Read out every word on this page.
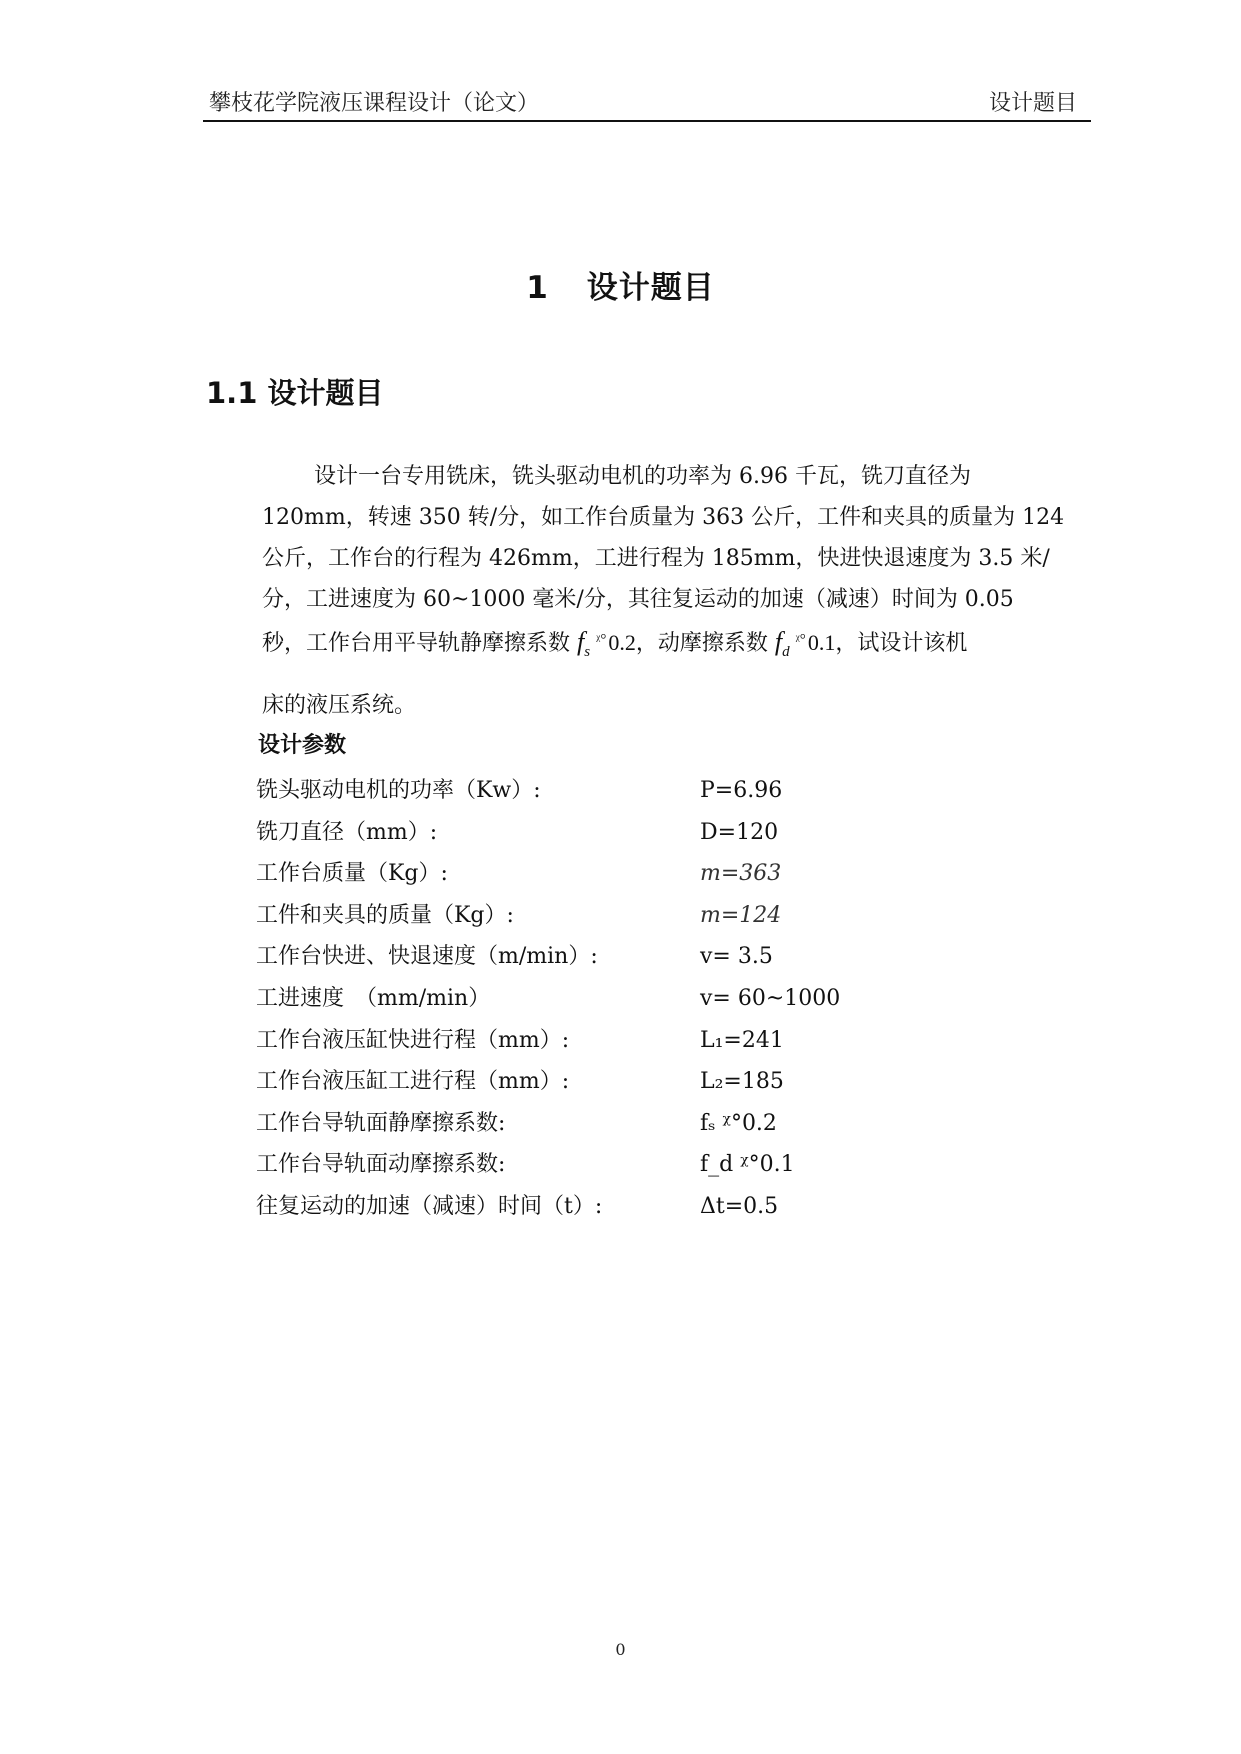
攀枝花学院液压课程设计（论文）	设计题目
1 设计题目
1.1 设计题目
设计一台专用铣床，铣头驱动电机的功率为 6.96 千瓦，铣刀直径为
120mm，转速 350 转/分，如工作台质量为 363 公斤，工件和夹具的质量为 124
公斤，工作台的行程为 426mm，工进行程为 185mm，快进快退速度为 3.5 米/
分，工进速度为 60~1000 毫米/分，其往复运动的加速（减速）时间为 0.05
秒，工作台用平导轨静摩擦系数 $f_s^{ᵡ^\circ}0.2$，动摩擦系数 $f_d^{ᵡ^\circ}0.1$，试设计该机
床的液压系统。
设计参数
铣头驱动电机的功率（Kw）:	P=6.96
铣刀直径（mm）:	D=120
工作台质量（Kg）:	m=363
工件和夹具的质量（Kg）:	m=124
工作台快进、快退速度（m/min）:	v= 3.5
工进速度　（mm/min）	v= 60~1000
工作台液压缸快进行程（mm）:	L₁=241
工作台液压缸工进行程（mm）:	L₂=185
工作台导轨面静摩擦系数:	fₛ ᵡ°0.2
工作台导轨面动摩擦系数:	f_d ᵡ°0.1
往复运动的加速（减速）时间（t）:	Δt=0.5
0
